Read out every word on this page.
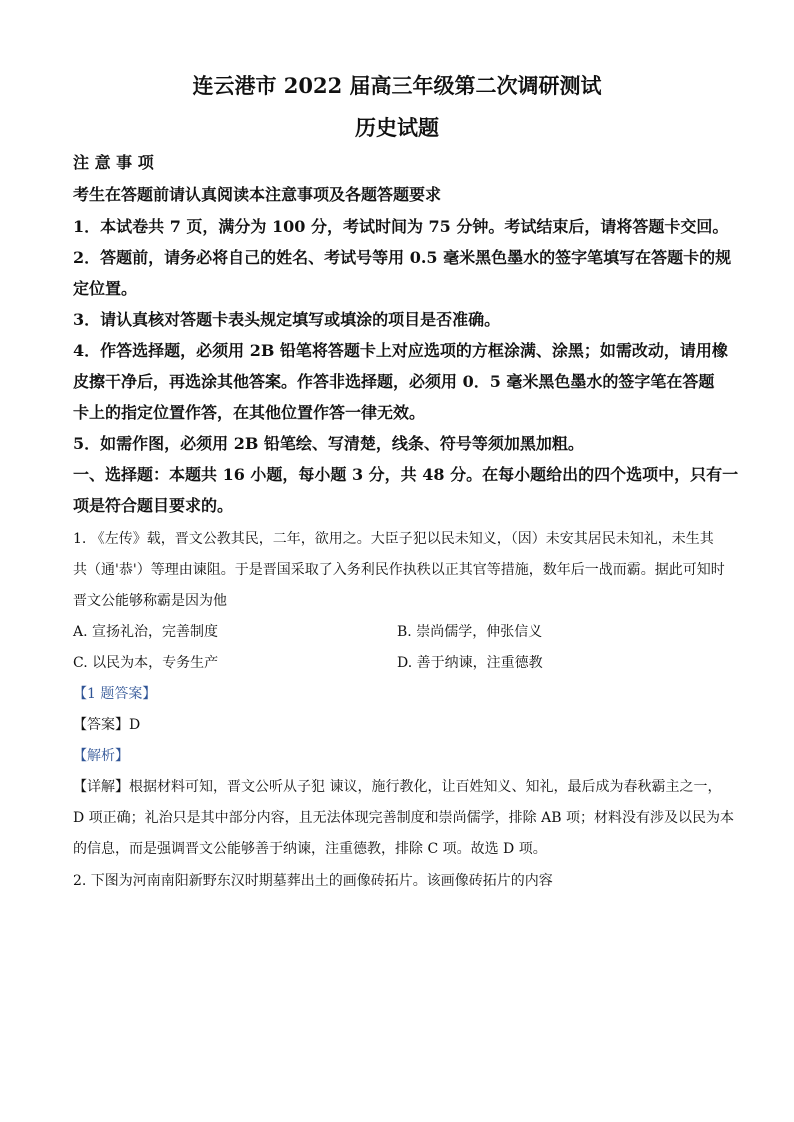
连云港市 2022 届高三年级第二次调研测试
历史试题
注 意 事 项
考生在答题前请认真阅读本注意事项及各题答题要求
1．本试卷共 7 页，满分为 100 分，考试时间为 75 分钟。考试结束后，请将答题卡交回。
2．答题前，请务必将自己的姓名、考试号等用 0.5 毫米黑色墨水的签字笔填写在答题卡的规
定位置。
3．请认真核对答题卡表头规定填写或填涂的项目是否准确。
4．作答选择题，必须用 2B 铅笔将答题卡上对应选项的方框涂满、涂黑；如需改动，请用橡
皮擦干净后，再选涂其他答案。作答非选择题，必须用 0．5 毫米黑色墨水的签字笔在答题
卡上的指定位置作答，在其他位置作答一律无效。
5．如需作图，必须用 2B 铅笔绘、写清楚，线条、符号等须加黑加粗。
一、选择题：本题共 16 小题，每小题 3 分，共 48 分。在每小题给出的四个选项中，只有一
项是符合题目要求的。
1. 《左传》载，晋文公教其民，二年，欲用之。大臣子犯以民未知义，（因）未安其居民未知礼，未生其
共（通'恭'）等理由谏阻。于是晋国采取了入务利民作执秩以正其官等措施，数年后一战而霸。据此可知时
晋文公能够称霸是因为他
A. 宣扬礼治，完善制度	B. 崇尚儒学，伸张信义
C. 以民为本，专务生产	D. 善于纳谏，注重德教
【1 题答案】
【答案】D
【解析】
【详解】根据材料可知，晋文公听从子犯 谏议，施行教化，让百姓知义、知礼，最后成为春秋霸主之一，
D 项正确；礼治只是其中部分内容，且无法体现完善制度和崇尚儒学，排除 AB 项；材料没有涉及以民为本
的信息，而是强调晋文公能够善于纳谏，注重德教，排除 C 项。故选 D 项。
2. 下图为河南南阳新野东汉时期墓葬出土的画像砖拓片。该画像砖拓片的内容
